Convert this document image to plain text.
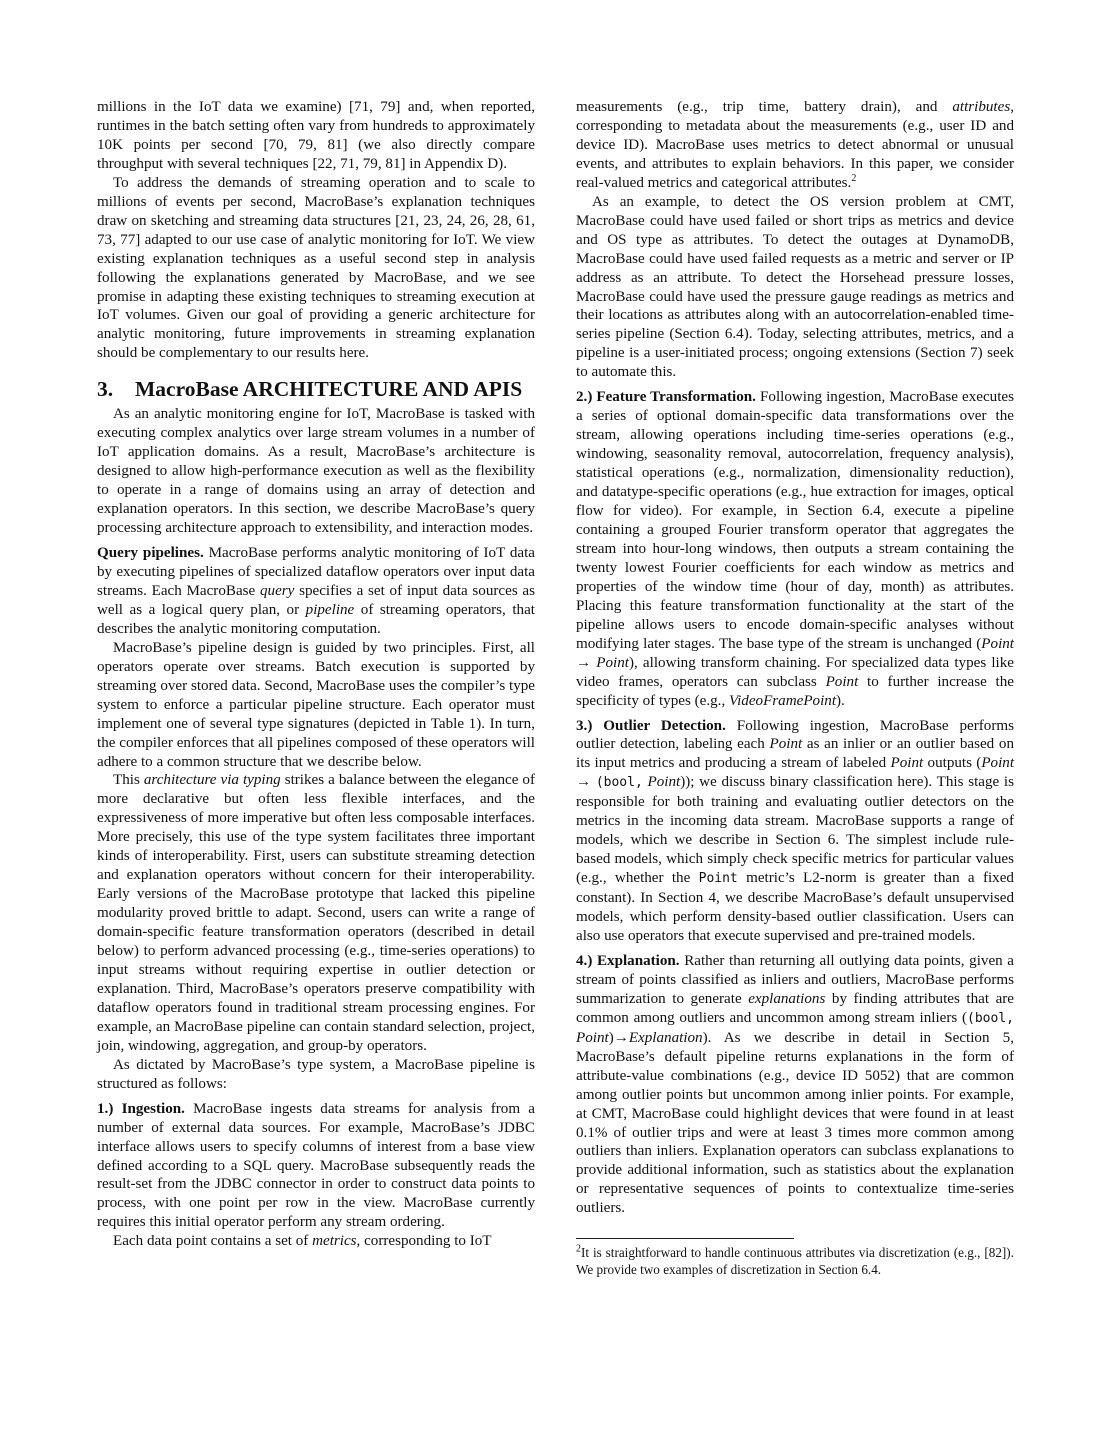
millions in the IoT data we examine) [71, 79] and, when reported, runtimes in the batch setting often vary from hundreds to approximately 10K points per second [70, 79, 81] (we also directly compare throughput with several techniques [22, 71, 79, 81] in Appendix D).

To address the demands of streaming operation and to scale to millions of events per second, MacroBase’s explanation techniques draw on sketching and streaming data structures [21, 23, 24, 26, 28, 61, 73, 77] adapted to our use case of analytic monitoring for IoT. We view existing explanation techniques as a useful second step in analysis following the explanations generated by MacroBase, and we see promise in adapting these existing techniques to streaming execution at IoT volumes. Given our goal of providing a generic architecture for analytic monitoring, future improvements in streaming explanation should be complementary to our results here.

3. MacroBase ARCHITECTURE AND APIS

As an analytic monitoring engine for IoT, MacroBase is tasked with executing complex analytics over large stream volumes in a number of IoT application domains. As a result, MacroBase’s architecture is designed to allow high-performance execution as well as the flexibility to operate in a range of domains using an array of detection and explanation operators. In this section, we describe MacroBase’s query processing architecture approach to extensibility, and interaction modes.

Query pipelines. MacroBase performs analytic monitoring of IoT data by executing pipelines of specialized dataflow operators over input data streams. Each MacroBase query specifies a set of input data sources as well as a logical query plan, or pipeline of streaming operators, that describes the analytic monitoring computation.

MacroBase’s pipeline design is guided by two principles. First, all operators operate over streams. Batch execution is supported by streaming over stored data. Second, MacroBase uses the compiler’s type system to enforce a particular pipeline structure. Each operator must implement one of several type signatures (depicted in Table 1). In turn, the compiler enforces that all pipelines composed of these operators will adhere to a common structure that we describe below.

This architecture via typing strikes a balance between the elegance of more declarative but often less flexible interfaces, and the expressiveness of more imperative but often less composable interfaces. More precisely, this use of the type system facilitates three important kinds of interoperability. First, users can substitute streaming detection and explanation operators without concern for their interoperability. Early versions of the MacroBase prototype that lacked this pipeline modularity proved brittle to adapt. Second, users can write a range of domain-specific feature transformation operators (described in detail below) to perform advanced processing (e.g., time-series operations) to input streams without requiring expertise in outlier detection or explanation. Third, MacroBase’s operators preserve compatibility with dataflow operators found in traditional stream processing engines. For example, an MacroBase pipeline can contain standard selection, project, join, windowing, aggregation, and group-by operators.

As dictated by MacroBase’s type system, a MacroBase pipeline is structured as follows:

1.) Ingestion. MacroBase ingests data streams for analysis from a number of external data sources. For example, MacroBase’s JDBC interface allows users to specify columns of interest from a base view defined according to a SQL query. MacroBase subsequently reads the result-set from the JDBC connector in order to construct data points to process, with one point per row in the view. MacroBase currently requires this initial operator perform any stream ordering.

Each data point contains a set of metrics, corresponding to IoT

measurements (e.g., trip time, battery drain), and attributes, corresponding to metadata about the measurements (e.g., user ID and device ID). MacroBase uses metrics to detect abnormal or unusual events, and attributes to explain behaviors. In this paper, we consider real-valued metrics and categorical attributes.$^2$

As an example, to detect the OS version problem at CMT, MacroBase could have used failed or short trips as metrics and device and OS type as attributes. To detect the outages at DynamoDB, MacroBase could have used failed requests as a metric and server or IP address as an attribute. To detect the Horsehead pressure losses, MacroBase could have used the pressure gauge readings as metrics and their locations as attributes along with an autocorrelation-enabled time-series pipeline (Section 6.4). Today, selecting attributes, metrics, and a pipeline is a user-initiated process; ongoing extensions (Section 7) seek to automate this.

2.) Feature Transformation. Following ingestion, MacroBase executes a series of optional domain-specific data transformations over the stream, allowing operations including time-series operations (e.g., windowing, seasonality removal, autocorrelation, frequency analysis), statistical operations (e.g., normalization, dimensionality reduction), and datatype-specific operations (e.g., hue extraction for images, optical flow for video). For example, in Section 6.4, execute a pipeline containing a grouped Fourier transform operator that aggregates the stream into hour-long windows, then outputs a stream containing the twenty lowest Fourier coefficients for each window as metrics and properties of the window time (hour of day, month) as attributes. Placing this feature transformation functionality at the start of the pipeline allows users to encode domain-specific analyses without modifying later stages. The base type of the stream is unchanged (Point → Point), allowing transform chaining. For specialized data types like video frames, operators can subclass Point to further increase the specificity of types (e.g., VideoFramePoint).

3.) Outlier Detection. Following ingestion, MacroBase performs outlier detection, labeling each Point as an inlier or an outlier based on its input metrics and producing a stream of labeled Point outputs (Point → (bool, Point)); we discuss binary classification here). This stage is responsible for both training and evaluating outlier detectors on the metrics in the incoming data stream. MacroBase supports a range of models, which we describe in Section 6. The simplest include rule-based models, which simply check specific metrics for particular values (e.g., whether the Point metric’s L2-norm is greater than a fixed constant). In Section 4, we describe MacroBase’s default unsupervised models, which perform density-based outlier classification. Users can also use operators that execute supervised and pre-trained models.

4.) Explanation. Rather than returning all outlying data points, given a stream of points classified as inliers and outliers, MacroBase performs summarization to generate explanations by finding attributes that are common among outliers and uncommon among stream inliers ((bool, Point)→Explanation). As we describe in detail in Section 5, MacroBase’s default pipeline returns explanations in the form of attribute-value combinations (e.g., device ID 5052) that are common among outlier points but uncommon among inlier points. For example, at CMT, MacroBase could highlight devices that were found in at least 0.1% of outlier trips and were at least 3 times more common among outliers than inliers. Explanation operators can subclass explanations to provide additional information, such as statistics about the explanation or representative sequences of points to contextualize time-series outliers.

$^2$It is straightforward to handle continuous attributes via discretization (e.g., [82]). We provide two examples of discretization in Section 6.4.
